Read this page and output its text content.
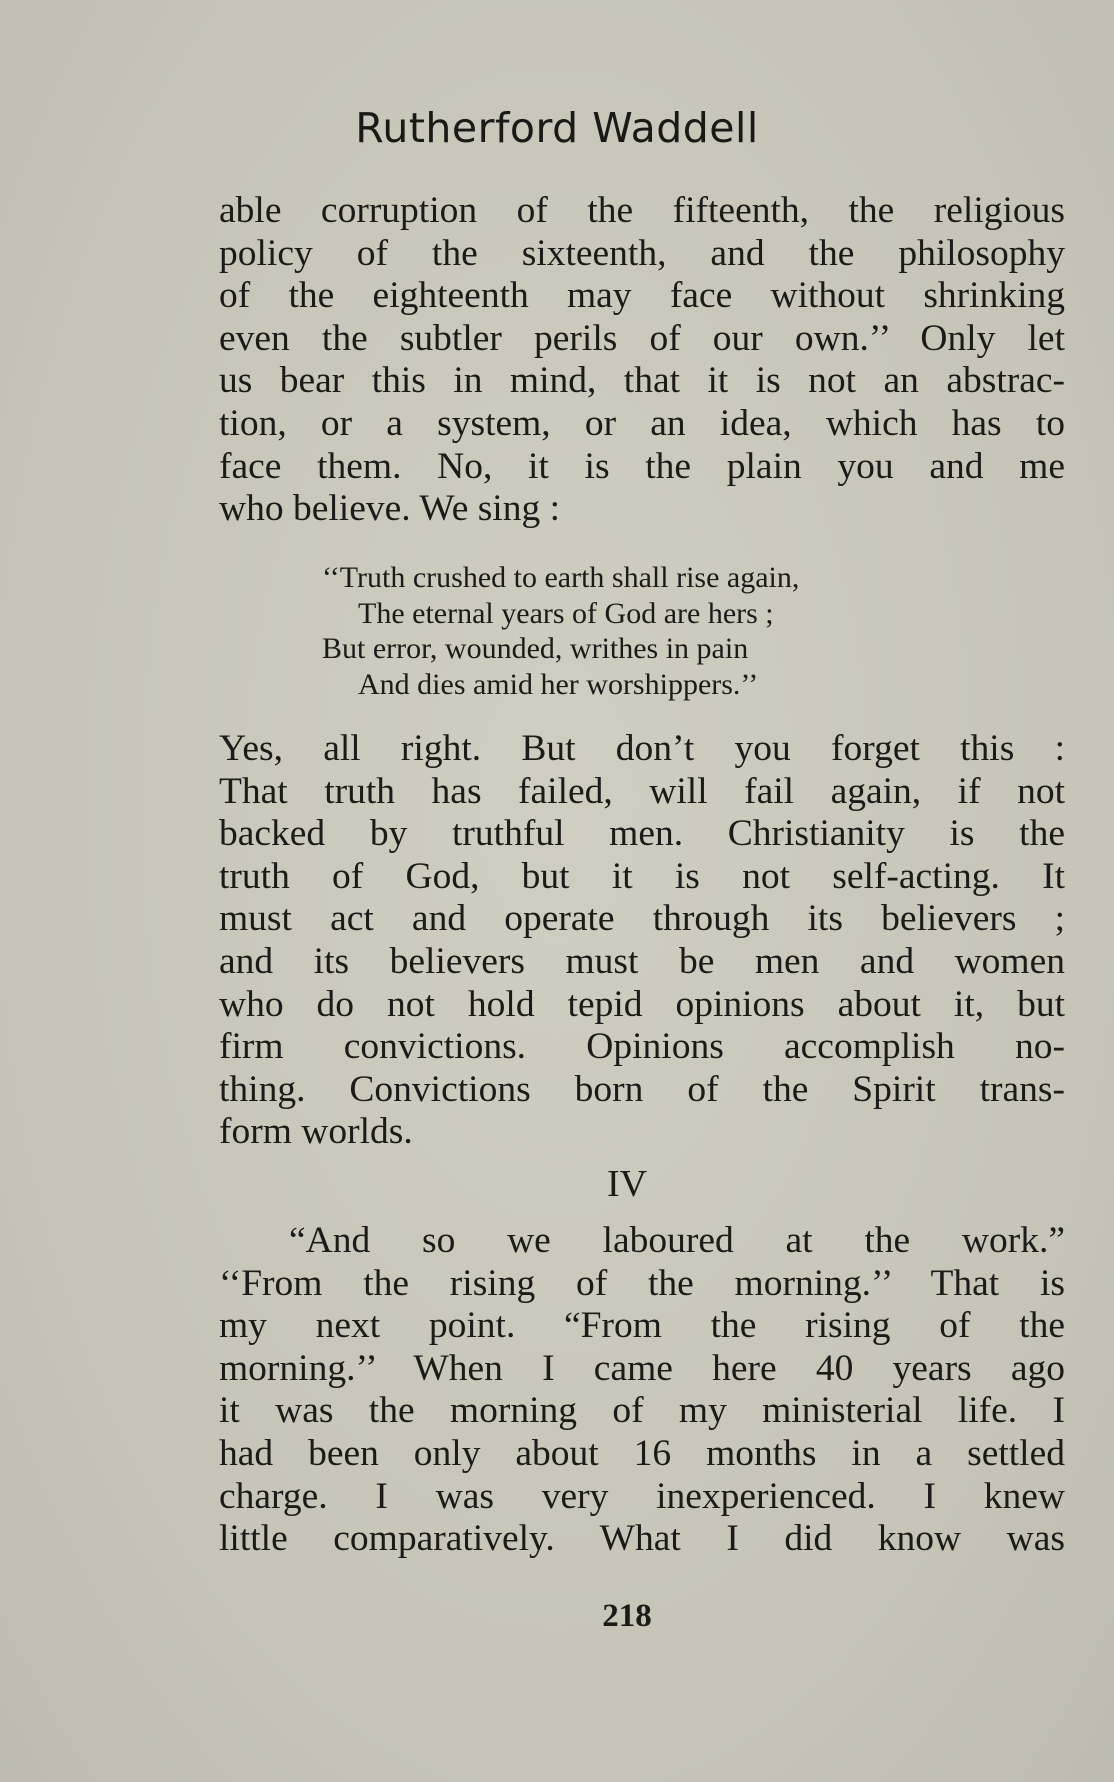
Rutherford Waddell
able corruption of the fifteenth, the religious
policy of the sixteenth, and the philosophy
of the eighteenth may face without shrinking
even the subtler perils of our own.’’ Only let
us bear this in mind, that it is not an abstrac-
tion, or a system, or an idea, which has to
face them. No, it is the plain you and me
who believe. We sing :
‘‘Truth crushed to earth shall rise again,
The eternal years of God are hers ;
But error, wounded, writhes in pain
And dies amid her worshippers.’’
Yes, all right. But don’t you forget this :
That truth has failed, will fail again, if not
backed by truthful men. Christianity is the
truth of God, but it is not self-acting. It
must act and operate through its believers ;
and its believers must be men and women
who do not hold tepid opinions about it, but
firm convictions. Opinions accomplish no-
thing. Convictions born of the Spirit trans-
form worlds.
IV
“And so we laboured at the work.”
‘‘From the rising of the morning.’’ That is
my next point. “From the rising of the
morning.’’ When I came here 40 years ago
it was the morning of my ministerial life. I
had been only about 16 months in a settled
charge. I was very inexperienced. I knew
little comparatively. What I did know was
218
